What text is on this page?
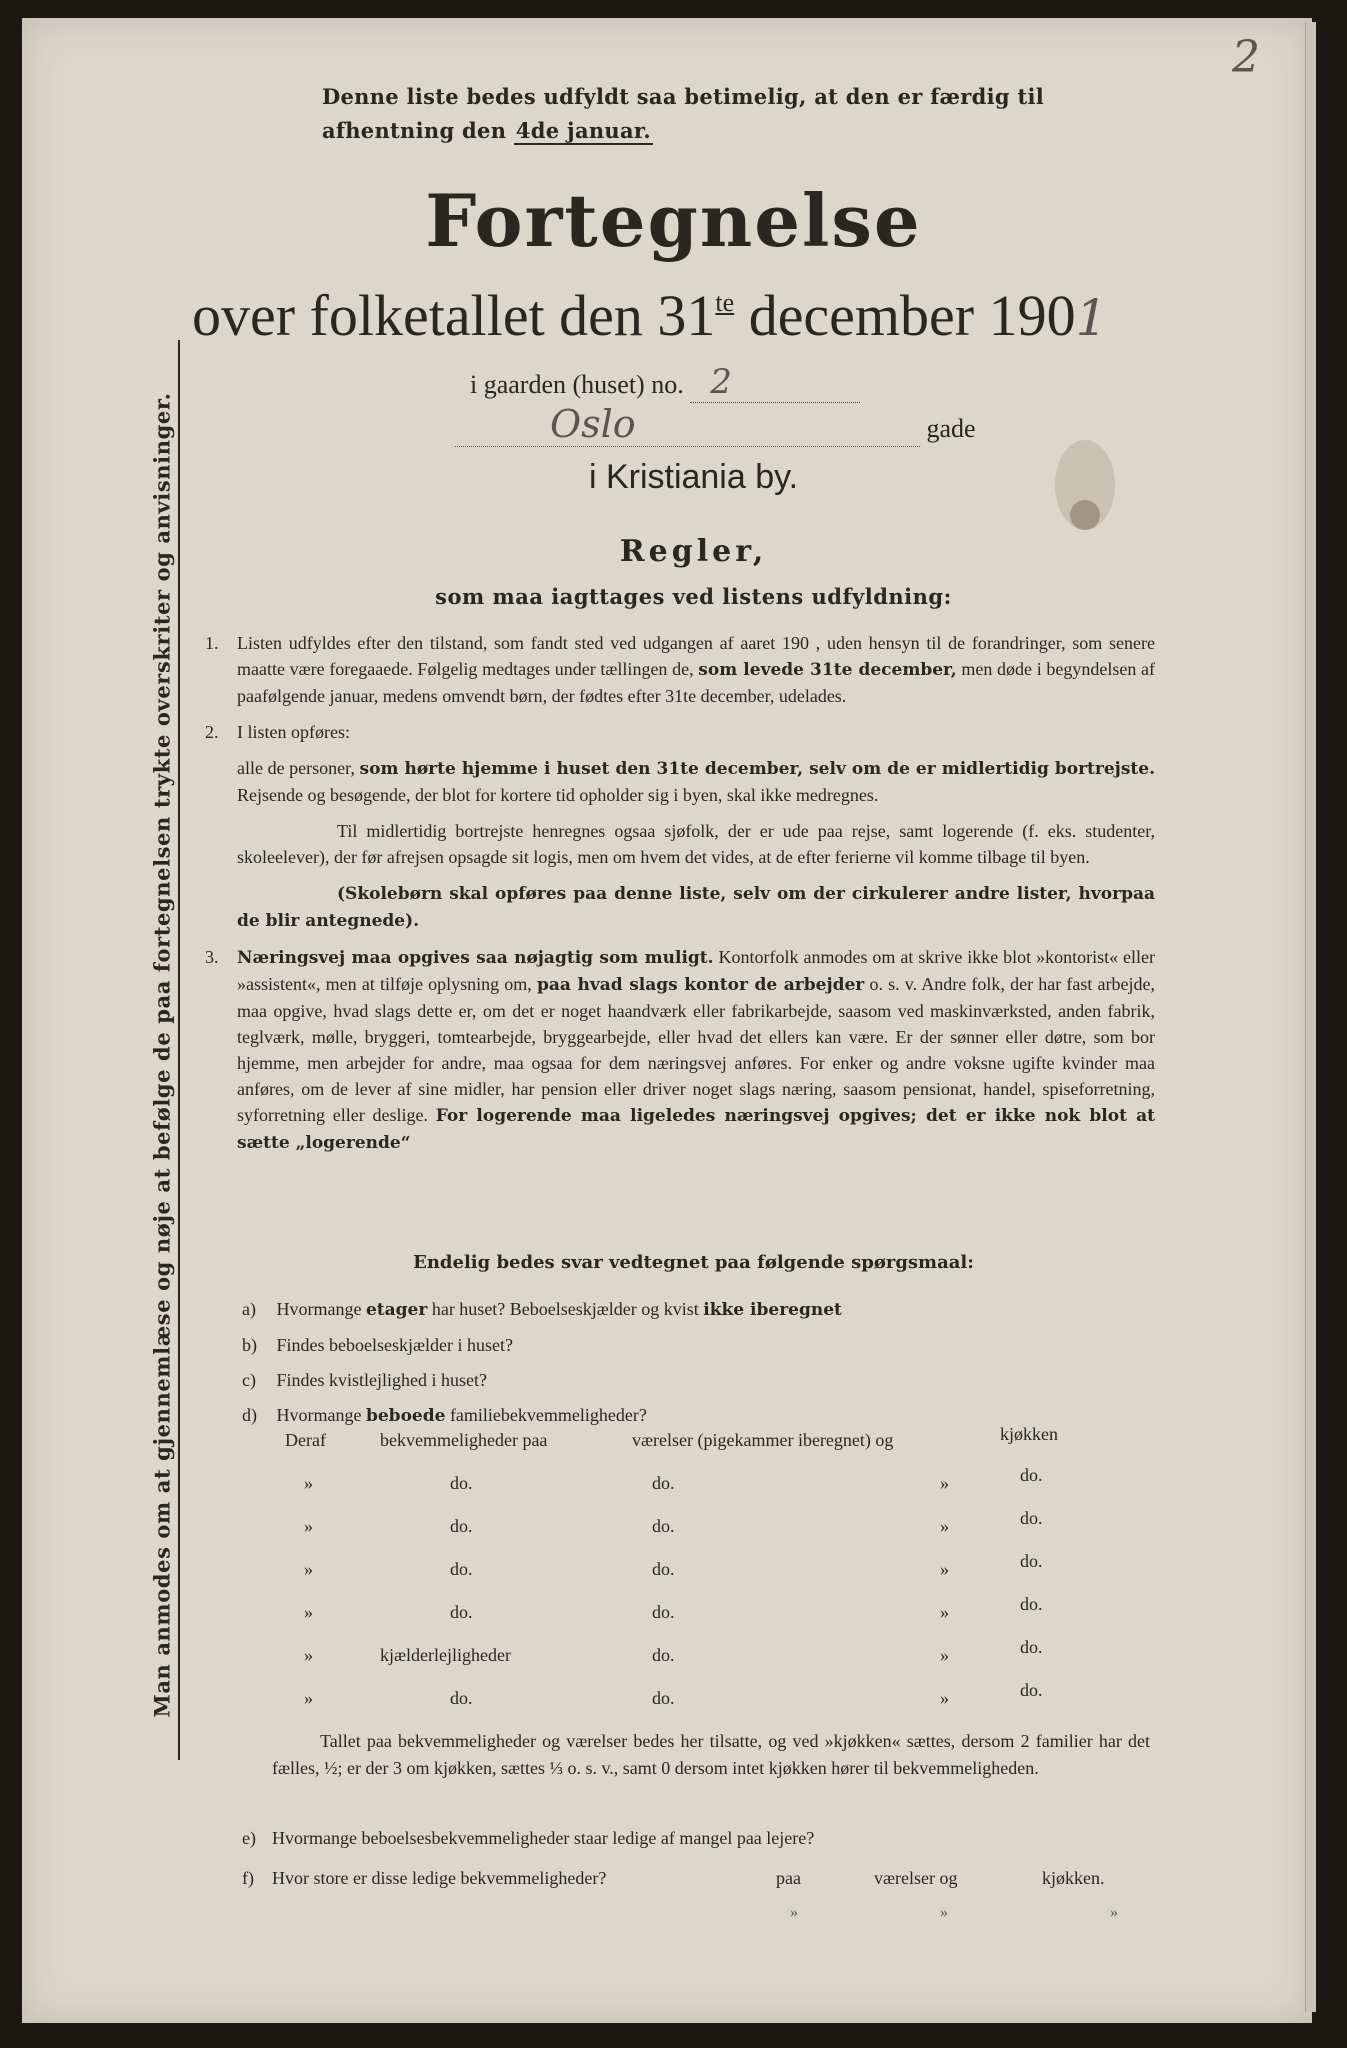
2
Denne liste bedes udfyldt saa betimelig, at den er færdig til
afhentning den 4de januar.
Fortegnelse
over folketallet den $31^{te}$ december 1901
i gaarden (huset) no. 2
Oslo	gade
i Kristiania by.
Regler,
som maa iagttages ved listens udfyldning:
1. Listen udfyldes efter den tilstand, som fandt sted ved udgangen af aaret 190 , uden hensyn til de forandringer, som senere maatte være foregaaede. Følgelig medtages under tællingen de, som levede 31te december, men døde i begyndelsen af paafølgende januar, medens omvendt børn, der fødtes efter 31te december, udelades.

2. I listen opføres:

alle de personer, som hørte hjemme i huset den 31te december, selv om de er midlertidig bortrejste. Rejsende og besøgende, der blot for kortere tid opholder sig i byen, skal ikke medregnes.

Til midlertidig bortrejste henregnes ogsaa sjøfolk, der er ude paa rejse, samt logerende (f. eks. studenter, skoleelever), der før afrejsen opsagde sit logis, men om hvem det vides, at de efter ferierne vil komme tilbage til byen.

(Skolebørn skal opføres paa denne liste, selv om der cirkulerer andre lister, hvorpaa de blir antegnede).

3. Næringsvej maa opgives saa nøjagtig som muligt. Kontorfolk anmodes om at skrive ikke blot »kontorist« eller »assistent«, men at tilføje oplysning om, paa hvad slags kontor de arbejder o. s. v. Andre folk, der har fast arbejde, maa opgive, hvad slags dette er, om det er noget haandværk eller fabrikarbejde, saasom ved maskinværksted, anden fabrik, teglværk, mølle, bryggeri, tomtearbejde, bryggearbejde, eller hvad det ellers kan være. Er der sønner eller døtre, som bor hjemme, men arbejder for andre, maa ogsaa for dem næringsvej anføres. For enker og andre voksne ugifte kvinder maa anføres, om de lever af sine midler, har pension eller driver noget slags næring, saasom pensionat, handel, spiseforretning, syforretning eller deslige. For logerende maa ligeledes næringsvej opgives; det er ikke nok blot at sætte „logerende“

Endelig bedes svar vedtegnet paa følgende spørgsmaal:
a) Hvormange etager har huset? Beboelseskjælder og kvist ikke iberegnet
b) Findes beboelseskjælder i huset?
c) Findes kvistlejlighed i huset?
d) Hvormange beboede familiebekvemmeligheder?
Deraf	bekvemmeligheder paa	værelser (pigekammer iberegnet) og	kjøkken
»	do.	do.	»	do.
»	do.	do.	»	do.
»	do.	do.	»	do.
»	do.	do.	»	do.
»	kjælderlejligheder	do.	»	do.
»	do.	do.	»	do.
Tallet paa bekvemmeligheder og værelser bedes her tilsatte, og ved »kjøkken« sættes, dersom 2 familier har det fælles, ½; er der 3 om kjøkken, sættes ⅓ o. s. v., samt 0 dersom intet kjøkken hører til bekvemmeligheden.
e) Hvormange beboelsesbekvemmeligheder staar ledige af mangel paa lejere?
f) Hvor store er disse ledige bekvemmeligheder?	paa	værelser og	kjøkken.
»	»	»
Man anmodes om at gjennemlæse og nøje at befølge de paa fortegnelsen trykte overskriter og anvisninger.
